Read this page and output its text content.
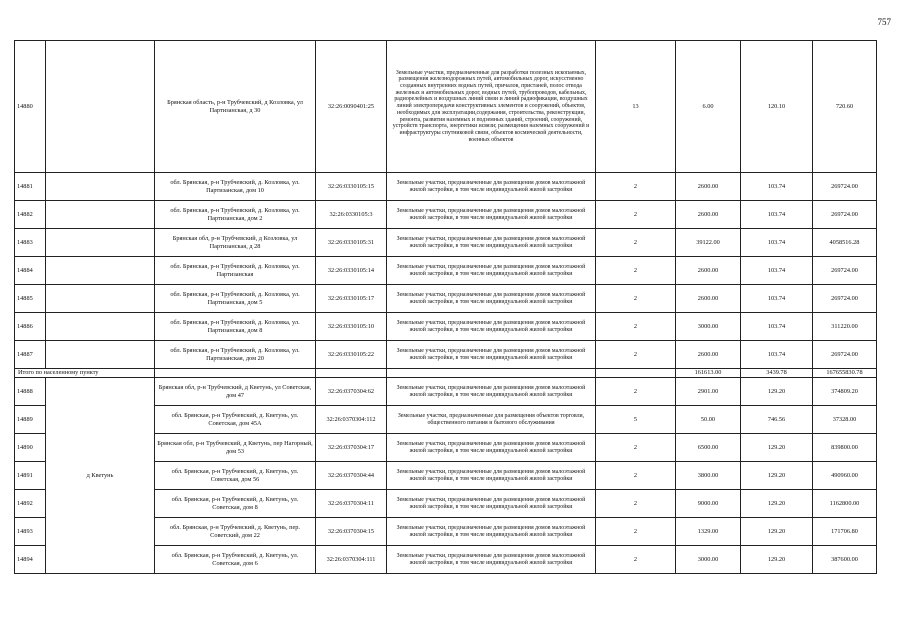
757
14880		Брянская область, р-н Трубчевский, д Козловка, ул Партизанская, д 30	32:26:0090401:25	Земельные участки, предназначенные для разработки полезных ископаемых, размещения железнодорожных путей, автомобильных дорог, искусственно созданных внутренних водных путей, причалов, пристаней, полос отвода железных и автомобильных дорог, водных путей, трубопроводов, кабельных, радиорелейных и воздушных линий связи и линий радиофикации, воздушных линий электропередачи конструктивных элементов и сооружений, объектов, необходимых для эксплуатации,содержания, строительства, реконструкции, ремонта, развития наземных и подземных зданий, строений, сооружений, устройств транспорта, энергетики исвязи; размещения наземных сооружений и инфраструктуры спутниковой связи, объектов космической деятельности, военных объектов	13	6.00	120.10	720.60
14881		обл. Брянская, р-н Трубчевский, д. Козловка, ул. Партизанская, дом 10	32:26:0330105:15	Земельные участки, предназначенные для размещения домов малоэтажной жилой застройки, в том числе индивидуальной жилой застройки	2	2600.00	103.74	269724.00
14882		обл. Брянская, р-н Трубчевский, д. Козловка, ул. Партизанская, дом 2	32:26:0330105:3	Земельные участки, предназначенные для размещения домов малоэтажной жилой застройки, в том числе индивидуальной жилой застройки	2	2600.00	103.74	269724.00
14883		Брянская обл, р-н Трубчевский, д Козловка, ул Партизанская, д 28	32:26:0330105:31	Земельные участки, предназначенные для размещения домов малоэтажной жилой застройки, в том числе индивидуальной жилой застройки	2	39122.00	103.74	4058516.28
14884		обл. Брянская, р-н Трубчевский, д. Козловка, ул. Партизанская	32:26:0330105:14	Земельные участки, предназначенные для размещения домов малоэтажной жилой застройки, в том числе индивидуальной жилой застройки	2	2600.00	103.74	269724.00
14885		обл. Брянская, р-н Трубчевский, д. Козловка, ул. Партизанская, дом 5	32:26:0330105:17	Земельные участки, предназначенные для размещения домов малоэтажной жилой застройки, в том числе индивидуальной жилой застройки	2	2600.00	103.74	269724.00
14886		обл. Брянская, р-н Трубчевский, д. Козловка, ул. Партизанская, дом 8	32:26:0330105:10	Земельные участки, предназначенные для размещения домов малоэтажной жилой застройки, в том числе индивидуальной жилой застройки	2	3000.00	103.74	311220.00
14887		обл. Брянская, р-н Трубчевский, д. Козловка, ул. Партизанская, дом 20	32:26:0330105:22	Земельные участки, предназначенные для размещения домов малоэтажной жилой застройки, в том числе индивидуальной жилой застройки	2	2600.00	103.74	269724.00
Итого по населенному пункту						161613.00	3439.78	167655830.78
14888	д Кветунь	Брянская обл, р-н Трубчевский, д Кветунь, ул Советская, дом 47	32:26:0370304:62	Земельные участки, предназначенные для размещения домов малоэтажной жилой застройки, в том числе индивидуальной жилой застройки	2	2901.00	129.20	374809.20
14889		обл. Брянская, р-н Трубчевский, д. Кветунь, ул. Советская, дом 45А	32:26:0370304:112	Земельные участки, предназначенные для размещения объектов торговли, общественного питания и бытового обслуживания	5	50.00	746.56	37328.00
14890		Брянская обл, р-н Трубчевский, д Кветунь, пер Нагорный, дом 53	32:26:0370304:17	Земельные участки, предназначенные для размещения домов малоэтажной жилой застройки, в том числе индивидуальной жилой застройки	2	6500.00	129.20	839800.00
14891		обл. Брянская, р-н Трубчевский, д. Кветунь, ул. Советская, дом 56	32:26:0370304:44	Земельные участки, предназначенные для размещения домов малоэтажной жилой застройки, в том числе индивидуальной жилой застройки	2	3800.00	129.20	490960.00
14892		обл. Брянская, р-н Трубчевский, д. Кветунь, ул. Советская, дом 8	32:26:0370304:11	Земельные участки, предназначенные для размещения домов малоэтажной жилой застройки, в том числе индивидуальной жилой застройки	2	9000.00	129.20	1162800.00
14893		обл. Брянская, р-н Трубчевский, д. Кветунь, пер. Советский, дом 22	32:26:0370304:15	Земельные участки, предназначенные для размещения домов малоэтажной жилой застройки, в том числе индивидуальной жилой застройки	2	1329.00	129.20	171706.80
14894		обл. Брянская, р-н Трубчевский, д. Кветунь, ул. Советская, дом 6	32:26:0370304:111	Земельные участки, предназначенные для размещения домов малоэтажной жилой застройки, в том числе индивидуальной жилой застройки	2	3000.00	129.20	387600.00
